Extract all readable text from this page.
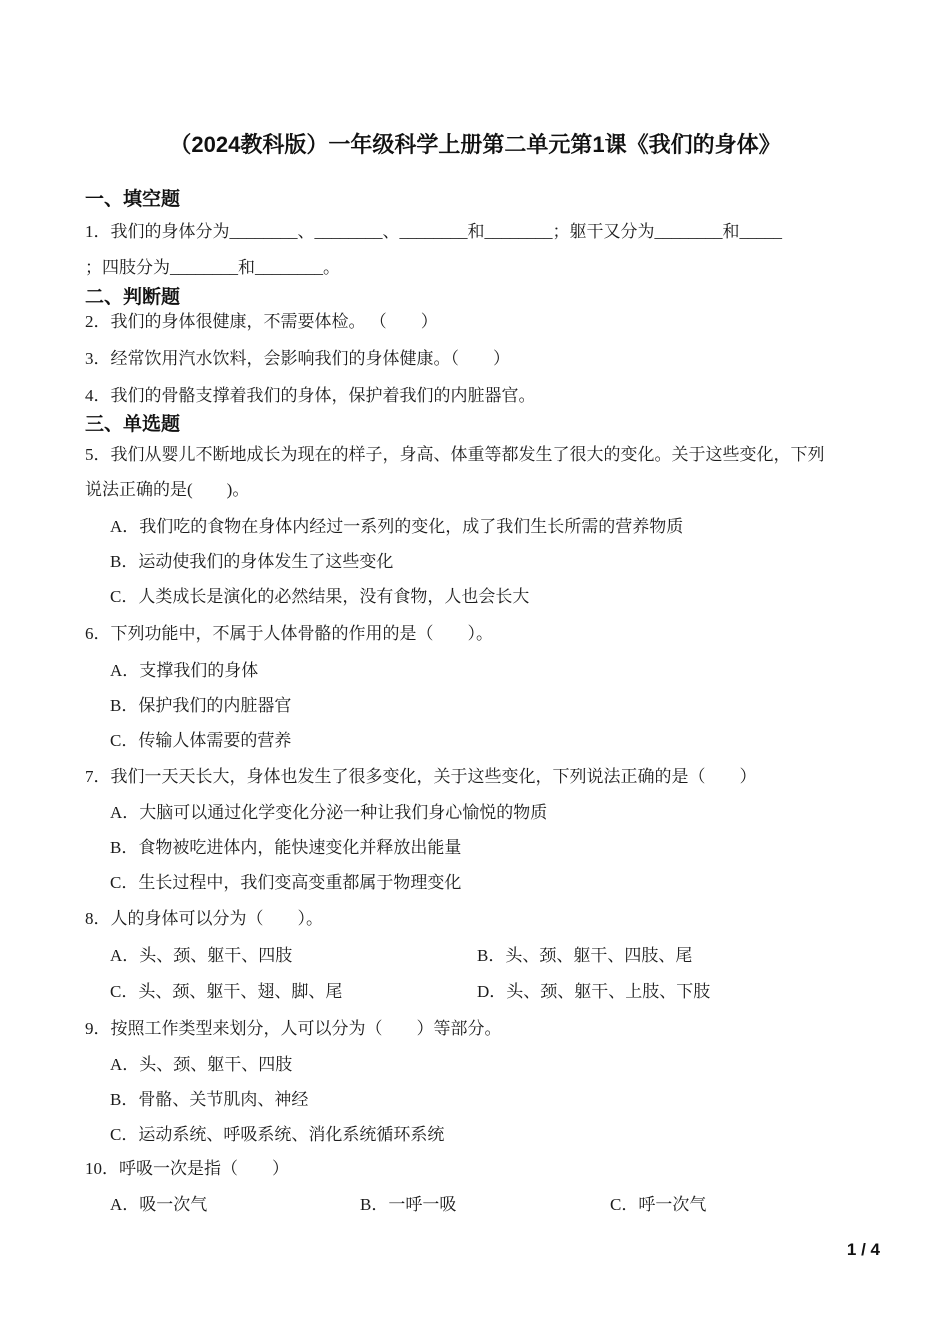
（2024教科版）一年级科学上册第二单元第1课《我们的身体》
一、填空题
1．我们的身体分为________、________、________和________；躯干又分为________和_____
；四肢分为________和________。
二、判断题
2．我们的身体很健康，不需要体检。 （　　）
3．经常饮用汽水饮料，会影响我们的身体健康。（　　）
4．我们的骨骼支撑着我们的身体，保护着我们的内脏器官。
三、单选题
5．我们从婴儿不断地成长为现在的样子，身高、体重等都发生了很大的变化。关于这些变化，下列
说法正确的是(　　)。
A．我们吃的食物在身体内经过一系列的变化，成了我们生长所需的营养物质
B．运动使我们的身体发生了这些变化
C．人类成长是演化的必然结果，没有食物，人也会长大
6．下列功能中，不属于人体骨骼的作用的是（　　）。
A．支撑我们的身体
B．保护我们的内脏器官
C．传输人体需要的营养
7．我们一天天长大，身体也发生了很多变化，关于这些变化，下列说法正确的是（　　）
A．大脑可以通过化学变化分泌一种让我们身心愉悦的物质
B．食物被吃进体内，能快速变化并释放出能量
C．生长过程中，我们变高变重都属于物理变化
8．人的身体可以分为（　　）。
A．头、颈、躯干、四肢	B．头、颈、躯干、四肢、尾
C．头、颈、躯干、翅、脚、尾	D．头、颈、躯干、上肢、下肢
9．按照工作类型来划分，人可以分为（　　）等部分。
A．头、颈、躯干、四肢
B．骨骼、关节肌肉、神经
C．运动系统、呼吸系统、消化系统循环系统
10．呼吸一次是指（　　）
A．吸一次气	B．一呼一吸	C．呼一次气
1 / 4
